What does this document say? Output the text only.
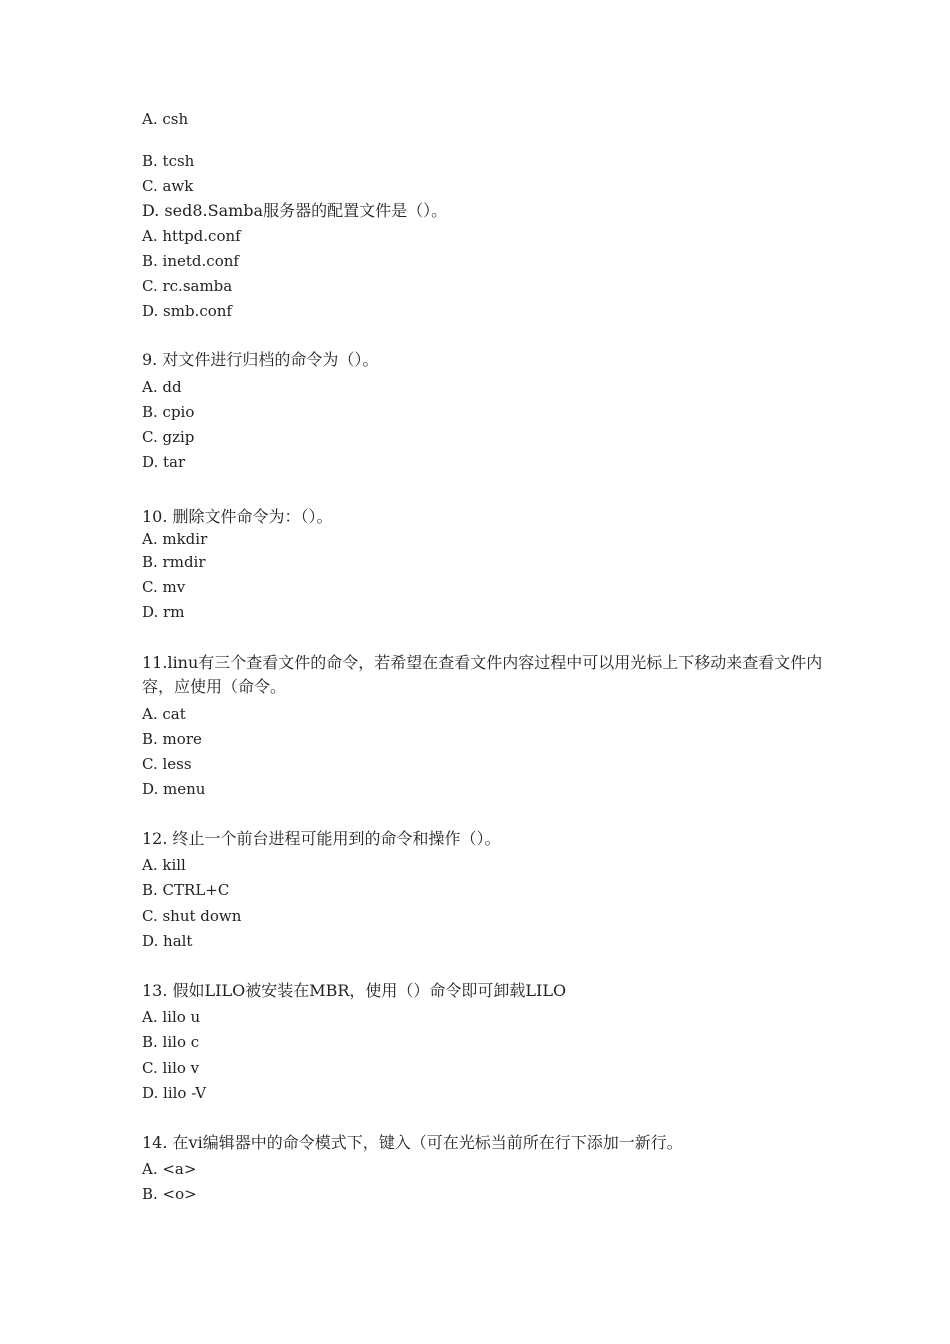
A. csh
B. tcsh
C. awk
D. sed8.Samba服务器的配置文件是（）。
A. httpd.conf
B. inetd.conf
C. rc.samba
D. smb.conf
9. 对文件进行归档的命令为（）。
A. dd
B. cpio
C. gzip
D. tar
10. 删除文件命令为：（）。
A. mkdir
B. rmdir
C. mv
D. rm
11.linu有三个查看文件的命令，若希望在查看文件内容过程中可以用光标上下移动来查看文件内容，应使用（命令。
A. cat
B. more
C. less
D. menu
12. 终止一个前台进程可能用到的命令和操作（）。
A. kill
B. CTRL+C
C. shut down
D. halt
13. 假如LILO被安装在MBR，使用（）命令即可卸载LILO
A. lilo u
B. lilo c
C. lilo v
D. lilo -V
14. 在vi编辑器中的命令模式下，键入（可在光标当前所在行下添加一新行。
A. <a>
B. <o>
